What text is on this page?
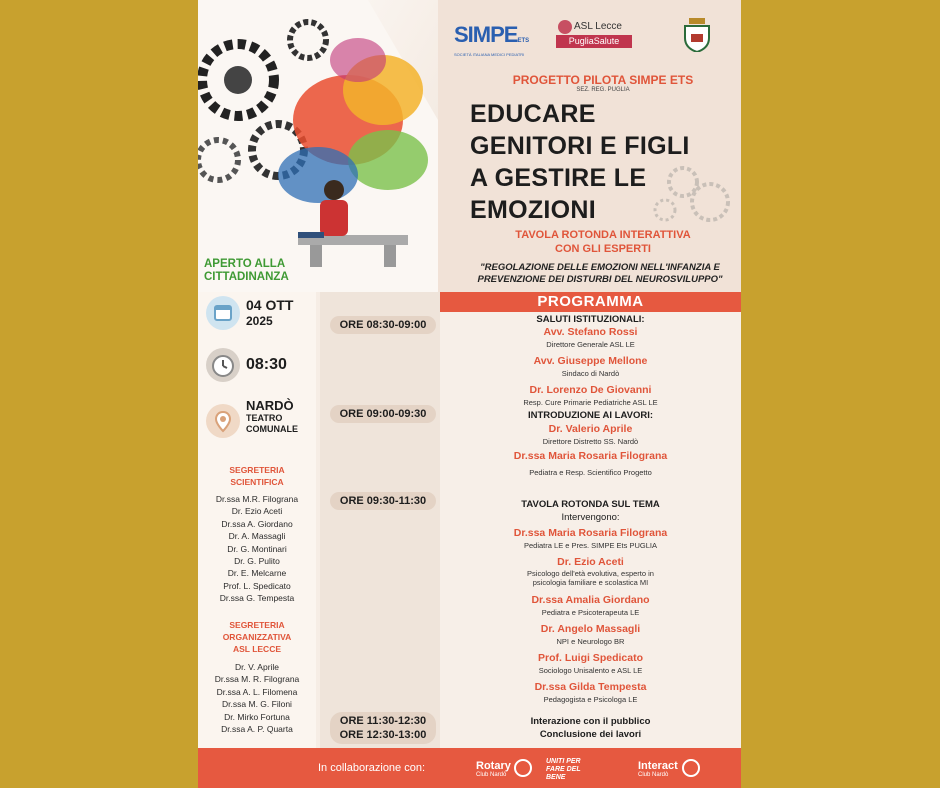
SIMPEETS
SOCIETÀ ITALIANA MEDICI PEDIATRI
ASL Lecce
PugliaSalute
PROGETTO PILOTA SIMPE ETS
SEZ. REG. PUGLIA
EDUCARE
GENITORI E FIGLI
A GESTIRE LE
EMOZIONI
TAVOLA ROTONDA INTERATTIVA
CON GLI ESPERTI
"REGOLAZIONE DELLE EMOZIONI NELL'INFANZIA E
PREVENZIONE DEI DISTURBI DEL NEUROSVILUPPO"
APERTO ALLA
CITTADINANZA
04 OTT
2025
08:30
NARDÒ
TEATRO
COMUNALE
SEGRETERIA
SCIENTIFICA
Dr.ssa M.R. Filograna
Dr. Ezio Aceti
Dr.ssa A. Giordano
Dr. A. Massagli
Dr. G. Montinari
Dr. G. Pulito
Dr. E. Melcarne
Prof. L. Spedicato
Dr.ssa G. Tempesta
SEGRETERIA
ORGANIZZATIVA
ASL LECCE
Dr. V. Aprile
Dr.ssa M. R. Filograna
Dr.ssa A. L. Filomena
Dr.ssa M. G. Filoni
Dr. Mirko Fortuna
Dr.ssa A. P. Quarta
ORE 08:30-09:00
ORE 09:00-09:30
ORE 09:30-11:30
ORE 11:30-12:30
ORE 12:30-13:00
PROGRAMMA
SALUTI ISTITUZIONALI:
Avv. Stefano Rossi
Direttore Generale ASL LE
Avv. Giuseppe Mellone
Sindaco di Nardò
Dr. Lorenzo De Giovanni
Resp. Cure Primarie Pediatriche ASL LE
INTRODUZIONE AI LAVORI:
Dr. Valerio Aprile
Direttore Distretto SS. Nardò
Dr.ssa Maria Rosaria Filograna
Pediatra e Resp. Scientifico Progetto
TAVOLA ROTONDA SUL TEMA
Intervengono:
Dr.ssa Maria Rosaria Filograna
Pediatra LE e Pres. SIMPE Ets PUGLIA
Dr. Ezio Aceti
Psicologo dell'età evolutiva, esperto in psicologia familiare e scolastica MI
Dr.ssa Amalia Giordano
Pediatra e Psicoterapeuta LE
Dr. Angelo Massagli
NPI e Neurologo BR
Prof. Luigi Spedicato
Sociologo Unisalento e ASL LE
Dr.ssa Gilda Tempesta
Pedagogista e Psicologa LE
Interazione con il pubblico
Conclusione dei lavori
In collaborazione con:	Rotary
Club Nardò
UNITI PER
FARE DEL
BENE
Interact
Club Nardò
